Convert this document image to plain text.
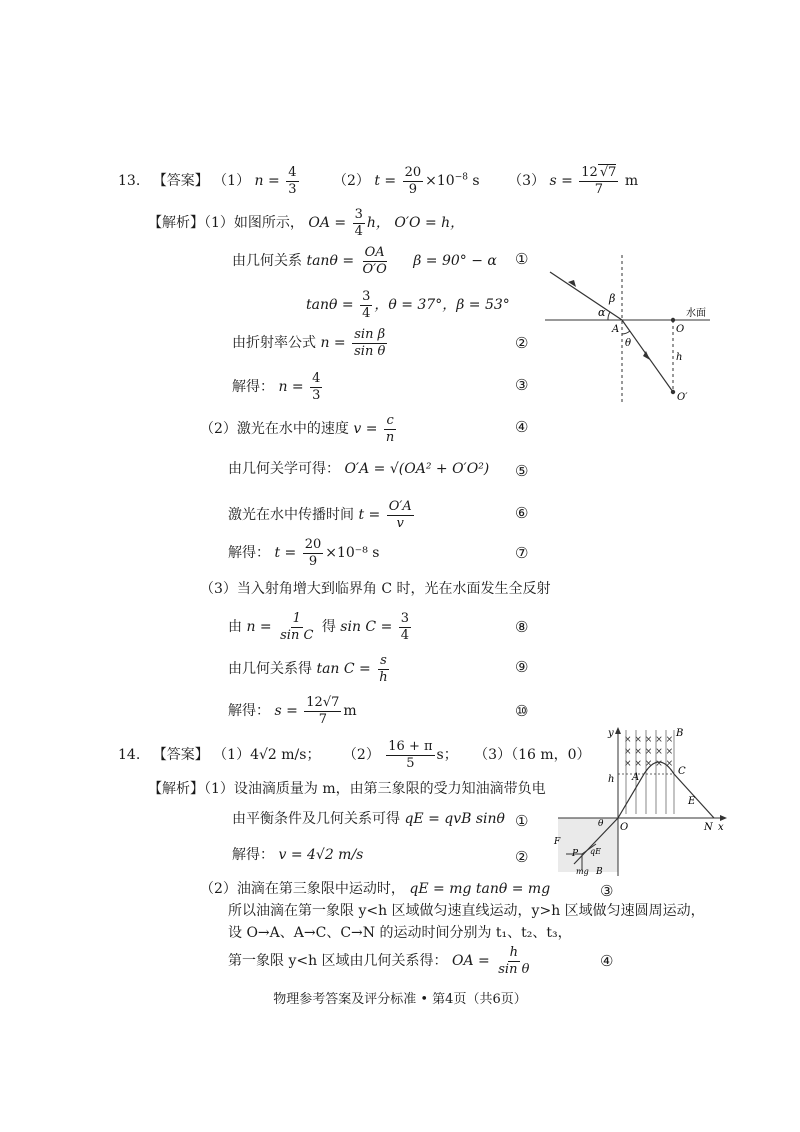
13. 【答案】 （1） $n = \frac{4}{3} (2) t = \frac{20}{9} \times 10^{-8}$ s （3） $s = \frac{12 √7}{7}$ m
【解析】（1）如图所示， OA = $\frac{3}{4}$ h， O′O = h，
由几何关系 $\tan\theta = \frac{OA}{O'O}$ β = 90° − α ①
$\tan\theta = \frac{3}{4}$ ，θ = 37°，β = 53°
由折射率公式 $n = \frac{\text{sin β}}{\text{sin θ}}$	②
解得： $n = \frac{4}{3}$	③
（2）激光在水中的速度 $v = \frac{c}{n}$	④
由几何关学可得： O′A = √(OA² + O′O²) ⑤
激光在水中传播时间 $t = \frac{O'A}{v}$	⑥
解得： $t = \frac{20}{9} \times 10^{-8}$ s	⑦
（3）当入射角增大到临界角 C 时，光在水面发生全反射
由 $n = \frac{1}{\text{sin C}}$ 得 $\sin C = \frac{3}{4}$	⑧
由几何关系得 $\tan C = \frac{s}{h}$	⑨
解得： $s = \frac{12√7}{7}$ m	⑩
α
β
A
θ
O
水面
h
O′
14. 【答案】 （1）4√2 m/s； $(2) \frac{16 + \pi}{5}$ s； （3）（16 m，0）
【解析】（1）设油滴质量为 m，由第三象限的受力知油滴带负电
由平衡条件及几何关系可得 qE = qvB sinθ ①
解得： v = 4√2 m/s	②
（2）油滴在第三象限中运动时， qE = mg tanθ = mg	③
所以油滴在第一象限 y<h 区域做匀速直线运动，y>h 区域做匀速圆周运动，
设 O→A、A→C、C→N 的运动时间分别为 t₁、t₂、t₃，
第一象限 y<h 区域由几何关系得： OA = $\frac{h}{\text{sin θ}}$	④
× × × × ×
× × × × ×
× × × × ×
y
x
O	N
A
B
C
E
h
θ
F
P qE
mg B
物理参考答案及评分标准 • 第4页（共6页）
